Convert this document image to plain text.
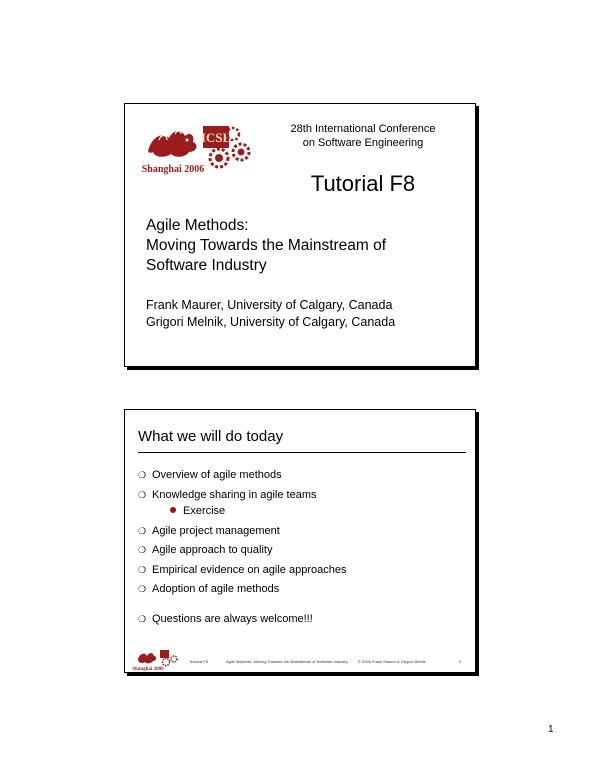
ICSE
Shanghai 2006
28th International Conference
on Software Engineering
Tutorial F8
Agile Methods:
Moving Towards the Mainstream of
Software Industry
Frank Maurer, University of Calgary, Canada
Grigori Melnik, University of Calgary, Canada
What we will do today
❍ Overview of agile methods
❍ Knowledge sharing in agile teams
Exercise
❍ Agile project management
❍ Agile approach to quality
❍ Empirical evidence on agile approaches
❍ Adoption of agile methods
❍ Questions are always welcome!!!
Shanghai 2006
Tutorial F8	Agile Methods: Moving Towards the Mainstream of Software Industry	© 2006 Frank Maurer & Grigori Melnik	2
1
